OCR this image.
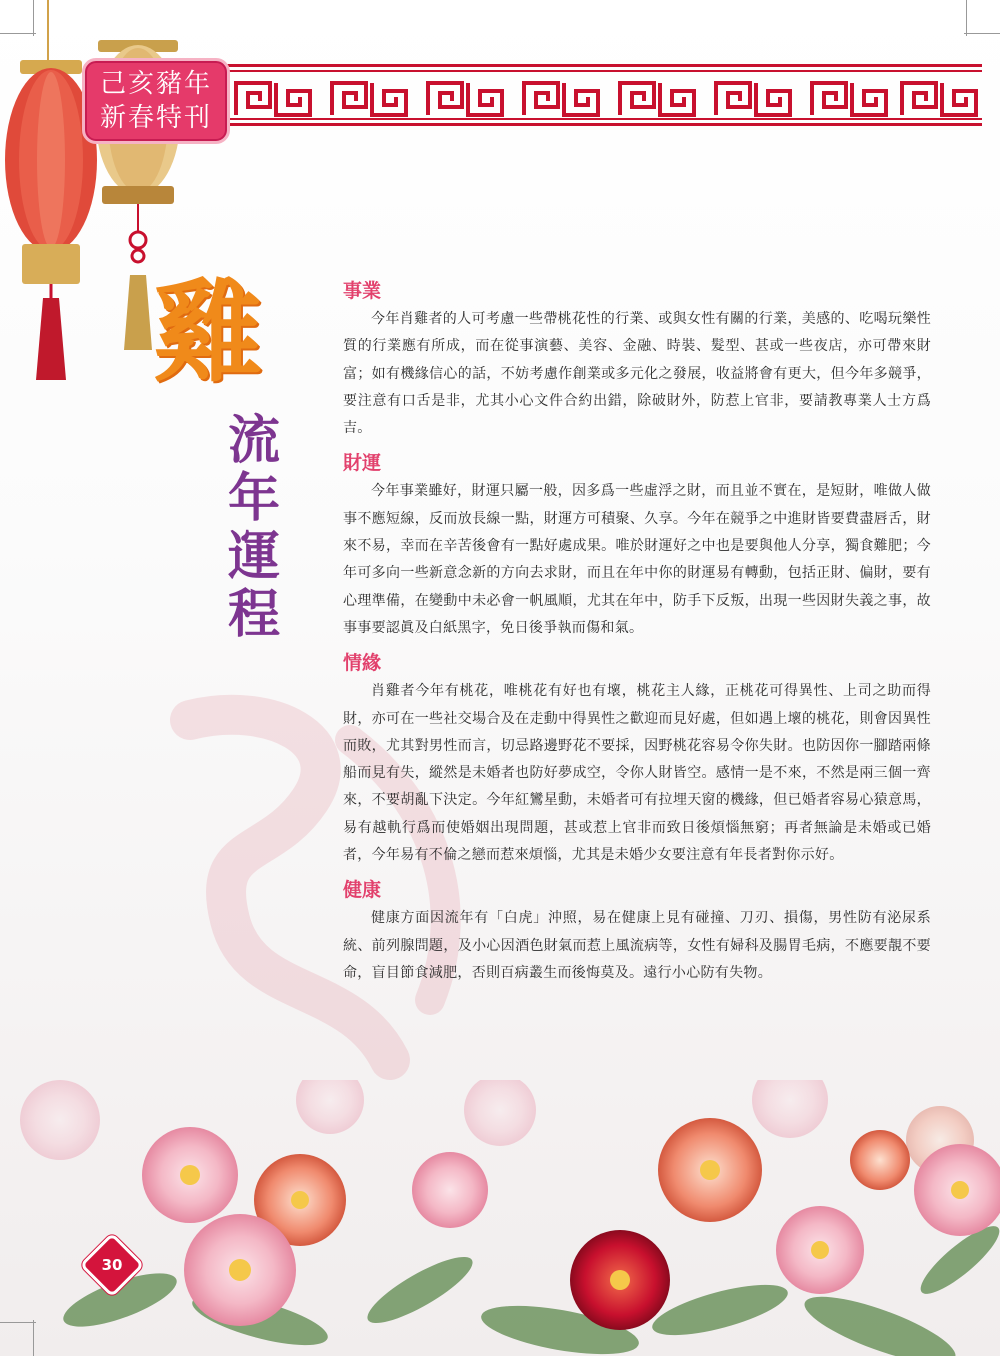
己亥豬年
新春特刊
雞
流
年
運
程
事業
今年肖雞者的人可考慮一些帶桃花性的行業、或與女性有關的行業，美感的、吃喝玩樂性質的行業應有所成，而在從事演藝、美容、金融、時裝、髮型、甚或一些夜店，亦可帶來財富；如有機緣信心的話，不妨考慮作創業或多元化之發展，收益將會有更大，但今年多競爭，要注意有口舌是非，尤其小心文件合約出錯，除破財外，防惹上官非，要請教專業人士方爲吉。
財運
今年事業雖好，財運只屬一般，因多爲一些虛浮之財，而且並不實在，是短財，唯做人做事不應短線，反而放長線一點，財運方可積聚、久享。今年在競爭之中進財皆要費盡唇舌，財來不易，幸而在辛苦後會有一點好處成果。唯於財運好之中也是要與他人分享，獨食難肥；今年可多向一些新意念新的方向去求財，而且在年中你的財運易有轉動，包括正財、偏財，要有心理準備，在變動中未必會一帆風順，尤其在年中，防手下反叛，出現一些因財失義之事，故事事要認眞及白紙黑字，免日後爭執而傷和氣。
情緣
肖雞者今年有桃花，唯桃花有好也有壞，桃花主人緣，正桃花可得異性、上司之助而得財，亦可在一些社交場合及在走動中得異性之歡迎而見好處，但如遇上壞的桃花，則會因異性而敗，尤其對男性而言，切忌路邊野花不要採，因野桃花容易令你失財。也防因你一腳踏兩條船而見有失，縱然是未婚者也防好夢成空，令你人財皆空。感情一是不來，不然是兩三個一齊來，不要胡亂下決定。今年紅鸞星動，未婚者可有拉埋天窗的機緣，但已婚者容易心猿意馬，易有越軌行爲而使婚姻出現問題，甚或惹上官非而致日後煩惱無窮；再者無論是未婚或已婚者，今年易有不倫之戀而惹來煩惱，尤其是未婚少女要注意有年長者對你示好。
健康
健康方面因流年有「白虎」沖照，易在健康上見有碰撞、刀刃、損傷，男性防有泌尿系統、前列腺問題，及小心因酒色財氣而惹上風流病等，女性有婦科及腸胃毛病，不應要靚不要命，盲目節食減肥，否則百病叢生而後悔莫及。遠行小心防有失物。
30
